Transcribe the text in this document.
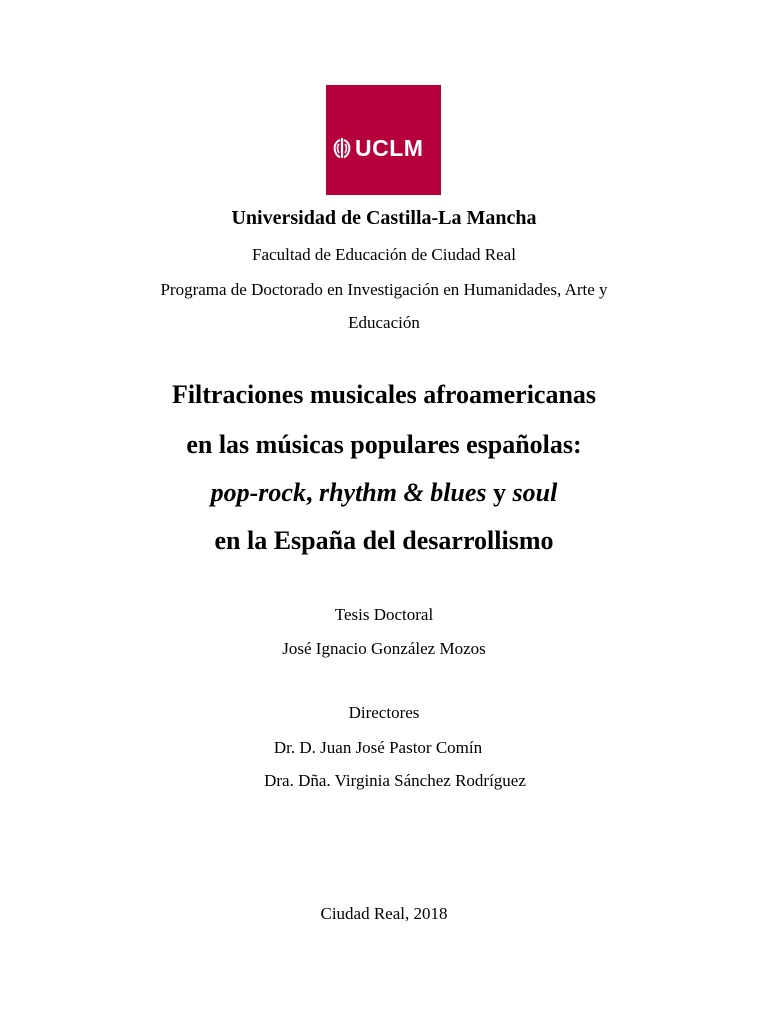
UCLM
Universidad de Castilla-La Mancha
Facultad de Educación de Ciudad Real
Programa de Doctorado en Investigación en Humanidades, Arte y
Educación
Filtraciones musicales afroamericanas
en las músicas populares españolas:
pop-rock, rhythm & blues y soul
en la España del desarrollismo
Tesis Doctoral
José Ignacio González Mozos
Directores
Dr. D. Juan José Pastor Comín
Dra. Dña. Virginia Sánchez Rodríguez
Ciudad Real, 2018
